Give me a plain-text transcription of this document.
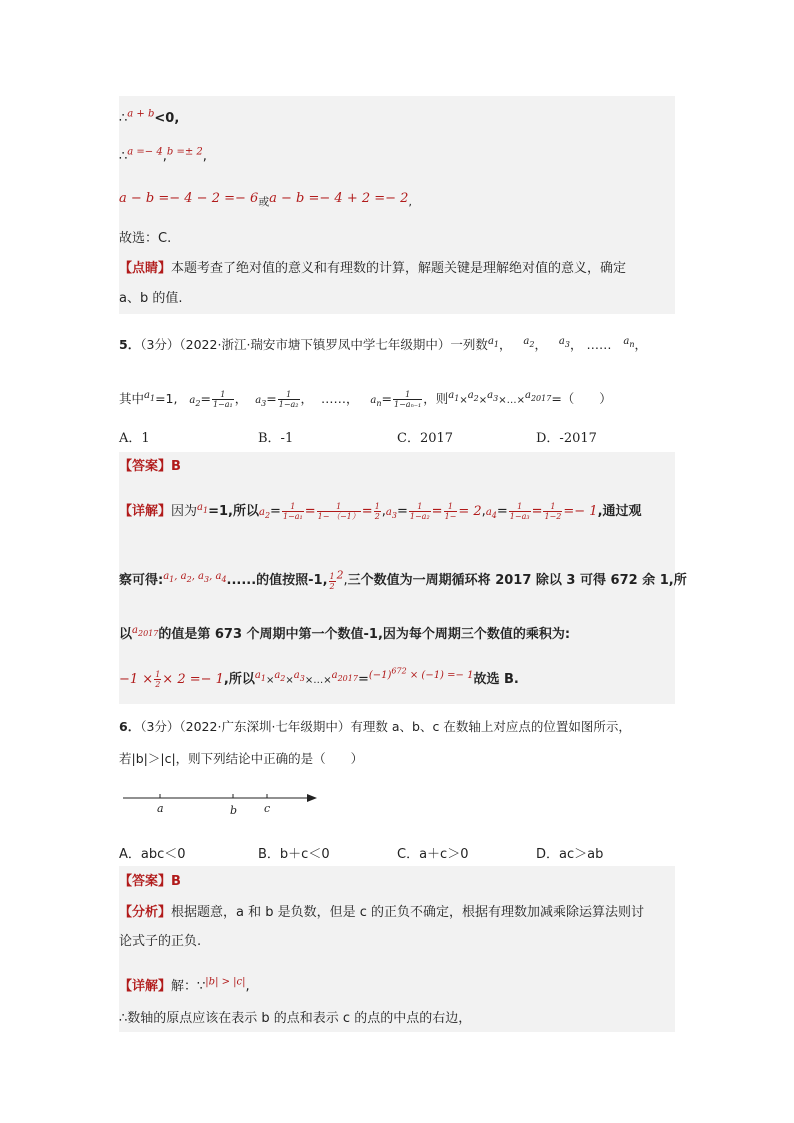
∴$^{a + b}$<0,
∴$^{a =- 4}$,$^{b =\pm 2}$,
$a - b =- 4 - 2 =- 6_或a - b =- 4 + 2 =- 2_,$
故选：C.
【点睛】本题考查了绝对值的意义和有理数的计算，解题关键是理解绝对值的意义，确定
a、b 的值.
5．（3分）（2022·浙江·瑞安市塘下镇罗凤中学七年级期中）一列数$^{a_1}$，   $^{a_2}$，   $^{a_3}$， …… $^{a_n}$，
其中$^{a_1}$=1, $a_2= \frac{1}{\text{1−a₁}}$ ，  $a_3= \frac{1}{\text{1−a₂}}$ ，  ……，   $a_n= \frac{1}{\text{1−aₙ₋₁}}$ ，则$^{a_1}$×$^{a_2}$×$^{a_3}$×…×$^{a_{2017}}$=（　　）
A．1	B．-1	C．2017	D．-2017
【答案】B
【详解】因为$^{a_1}$=1,所以$a_2= \frac{1}{\text{1−a₁}} = \frac{1}{1- (-1)} = \frac{1}{2} ,a_3= \frac{1}{\text{1−a₂}} = \frac{1}{1-} = 2,a_4= \frac{1}{\text{1−a₃}} = \frac{1}{1-2} =- 1$,通过观
察可得:$^{a_1, a_2, a_3, a_4}$......的值按照-1, $^{\frac{1}{2}}$ $^2$,三个数值为一周期循环将 2017 除以 3 可得 672 余 1,所
以$^{a_{2017}}$的值是第 673 个周期中第一个数值-1,因为每个周期三个数值的乘积为:
$-1 \times \frac{1}{2} \times 2 =- 1$,所以$^{a_1}$×$^{a_2}$×$^{a_3}$×…×$^{a_{2017}}$=$^{(-1)^{672} \times (-1) =- 1}$故选 B.
6．（3分）（2022·广东深圳·七年级期中）有理数 a、b、c 在数轴上对应点的位置如图所示，
若|b|＞|c|，则下列结论中正确的是（　　）
a	b c
A．abc＜0	B．b＋c＜0	C．a＋c＞0	D．ac＞ab
【答案】B
【分析】根据题意，a 和 b 是负数，但是 c 的正负不确定，根据有理数加减乘除运算法则讨
论式子的正负.
【详解】解：∵$^{|b| > |c|}$,
∴数轴的原点应该在表示 b 的点和表示 c 的点的中点的右边，
